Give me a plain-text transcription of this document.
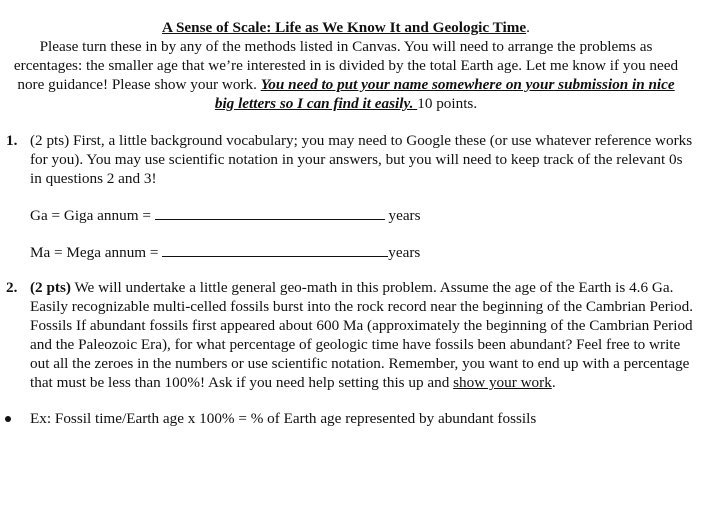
A Sense of Scale: Life as We Know It and Geologic Time.
Please turn these in by any of the methods listed in Canvas. You will need to arrange the problems as
ercentages: the smaller age that we’re interested in is divided by the total Earth age. Let me know if you need
nore guidance! Please show your work. You need to put your name somewhere on your submission in nice
big letters so I can find it easily. 10 points.
1. (2 pts) First, a little background vocabulary; you may need to Google these (or use whatever reference works for you). You may use scientific notation in your answers, but you will need to keep track of the relevant 0s in questions 2 and 3!
Ga = Giga annum =	years
Ma = Mega annum =	years
2. (2 pts) We will undertake a little general geo-math in this problem. Assume the age of the Earth is 4.6 Ga. Easily recognizable multi-celled fossils burst into the rock record near the beginning of the Cambrian Period. Fossils If abundant fossils first appeared about 600 Ma (approximately the beginning of the Cambrian Period and the Paleozoic Era), for what percentage of geologic time have fossils been abundant? Feel free to write out all the zeroes in the numbers or use scientific notation. Remember, you want to end up with a percentage that must be less than 100%! Ask if you need help setting this up and show your work.
Ex: Fossil time/Earth age x 100% = % of Earth age represented by abundant fossils
